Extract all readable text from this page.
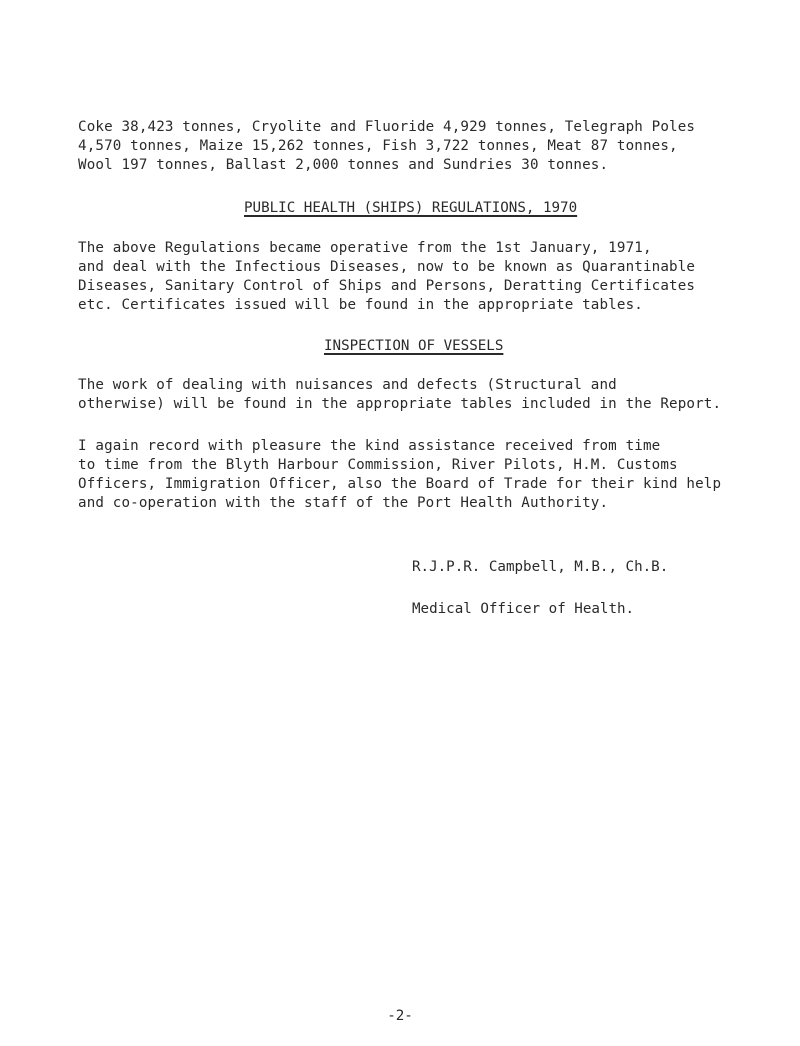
Coke 38,423 tonnes, Cryolite and Fluoride 4,929 tonnes, Telegraph Poles
4,570 tonnes, Maize 15,262 tonnes, Fish 3,722 tonnes, Meat 87 tonnes,
Wool 197 tonnes, Ballast 2,000 tonnes and Sundries 30 tonnes.

PUBLIC HEALTH (SHIPS) REGULATIONS, 1970

The above Regulations became operative from the 1st January, 1971,
and deal with the Infectious Diseases, now to be known as Quarantinable
Diseases, Sanitary Control of Ships and Persons, Deratting Certificates
etc. Certificates issued will be found in the appropriate tables.

INSPECTION OF VESSELS

The work of dealing with nuisances and defects (Structural and
otherwise) will be found in the appropriate tables included in the Report.

I again record with pleasure the kind assistance received from time
to time from the Blyth Harbour Commission, River Pilots, H.M. Customs
Officers, Immigration Officer, also the Board of Trade for their kind help
and co-operation with the staff of the Port Health Authority.

R.J.P.R. Campbell, M.B., Ch.B.

Medical Officer of Health.

-2-
